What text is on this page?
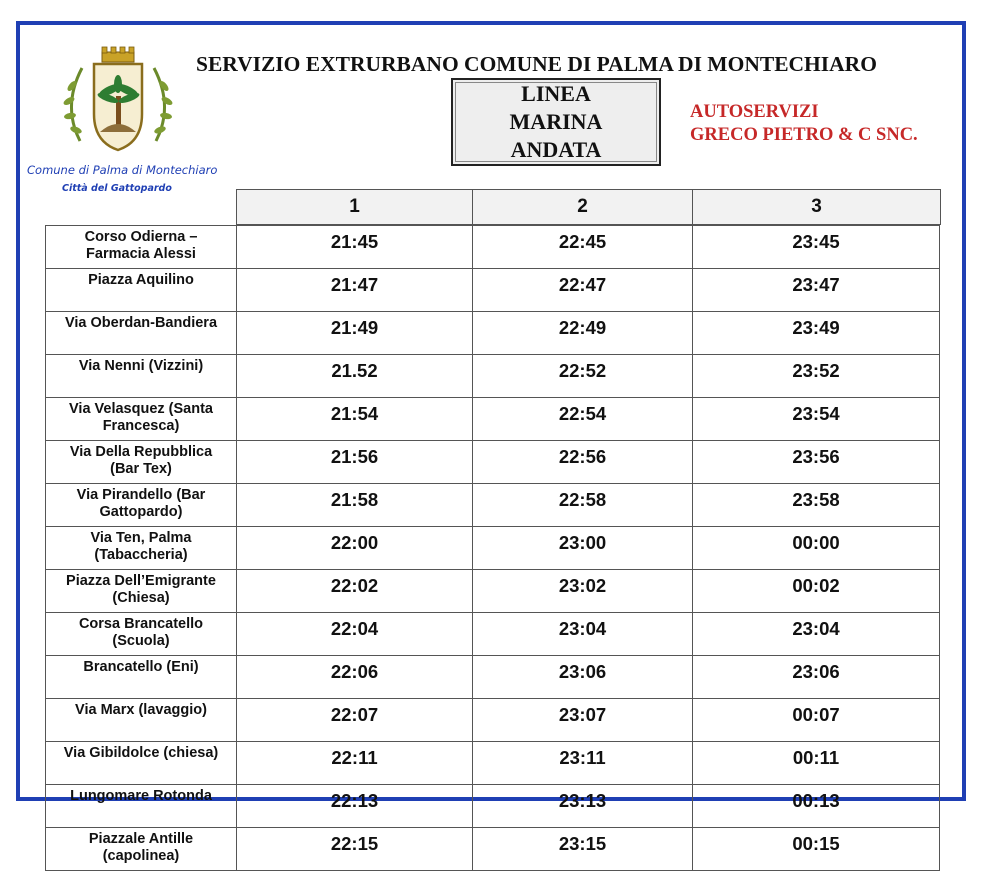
Comune di Palma di Montechiaro
Città del Gattopardo
SERVIZIO EXTRURBANO COMUNE DI PALMA DI MONTECHIARO
LINEA
MARINA
ANDATA
AUTOSERVIZI
GRECO PIETRO & C SNC.
1	2	3
Corso Odierna –
Farmacia Alessi	21:45	22:45	23:45
Piazza Aquilino	21:47	22:47	23:47
Via Oberdan-Bandiera	21:49	22:49	23:49
Via Nenni (Vizzini)	21.52	22:52	23:52
Via Velasquez (Santa
Francesca)	21:54	22:54	23:54
Via Della Repubblica
(Bar Tex)	21:56	22:56	23:56
Via Pirandello (Bar
Gattopardo)	21:58	22:58	23:58
Via Ten, Palma
(Tabaccheria)	22:00	23:00	00:00
Piazza Dell’Emigrante
(Chiesa)	22:02	23:02	00:02
Corsa Brancatello
(Scuola)	22:04	23:04	23:04
Brancatello (Eni)	22:06	23:06	23:06
Via Marx (lavaggio)	22:07	23:07	00:07
Via Gibildolce (chiesa)	22:11	23:11	00:11
Lungomare Rotonda	22:13	23:13	00:13
Piazzale Antille
(capolinea)	22:15	23:15	00:15
